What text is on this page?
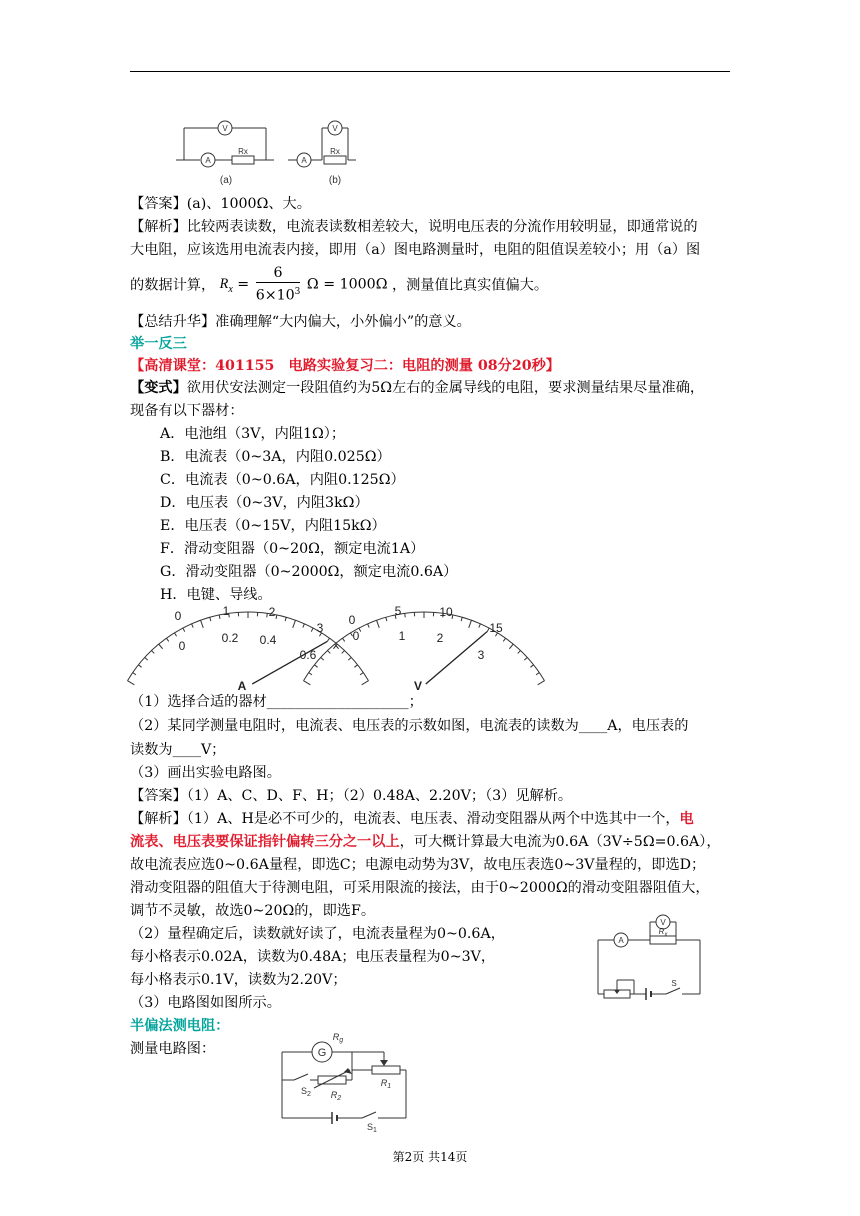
V
A
Rx
V
A
Rx
(a)	(b)
【答案】(a)、1000Ω、大。
【解析】比较两表读数，电流表读数相差较大，说明电压表的分流作用较明显，即通常说的
大电阻，应该选用电流表内接，即用（a）图电路测量时，电阻的阻值误差较小；用（a）图
的数据计算， $R_x = \frac{6}{6\times 10^3}$ Ω = 1000Ω ，测量值比真实值偏大。
【总结升华】准确理解“大内偏大，小外偏小”的意义。
举一反三
【高清课堂：401155　电路实验复习二：电阻的测量 08分20秒】
【变式】欲用伏安法测定一段阻值约为5Ω左右的金属导线的电阻，要求测量结果尽量准确，
现备有以下器材：
A．电池组（3V，内阻1Ω）；
B．电流表（0~3A，内阻0.025Ω）
C．电流表（0~0.6A，内阻0.125Ω）
D．电压表（0~3V，内阻3kΩ）
E．电压表（0~15V，内阻15kΩ）
F．滑动变阻器（0~20Ω，额定电流1A）
G．滑动变阻器（0~2000Ω，额定电流0.6A）
H．电键、导线。
0	1	2
3
0
0.2 0.4
0.6
A
0
5	10
15
0	1	2
3
V
（1）选择合适的器材____________________；
（2）某同学测量电阻时，电流表、电压表的示数如图，电流表的读数为____A，电压表的
读数为____V；
（3）画出实验电路图。
【答案】（1）A、C、D、F、H；（2）0.48A、2.20V；（3）见解析。
【解析】（1）A、H是必不可少的，电流表、电压表、滑动变阻器从两个中选其中一个，电
流表、电压表要保证指针偏转三分之一以上，可大概计算最大电流为0.6A（3V÷5Ω=0.6A），
故电流表应选0~0.6A量程，即选C；电源电动势为3V，故电压表选0~3V量程的，即选D；
滑动变阻器的阻值大于待测电阻，可采用限流的接法，由于0~2000Ω的滑动变阻器阻值大，
调节不灵敏，故选0~20Ω的，即选F。
（2）量程确定后，读数就好读了，电流表量程为0~0.6A，
每小格表示0.02A，读数为0.48A；电压表量程为0~3V，
每小格表示0.1V，读数为2.20V；
（3）电路图如图所示。
A
V
$R_x$
S
半偏法测电阻：
测量电路图：	G
$R_g$
$R_1$
$R_2$
$S_2$
$S_1$
第2页 共14页
